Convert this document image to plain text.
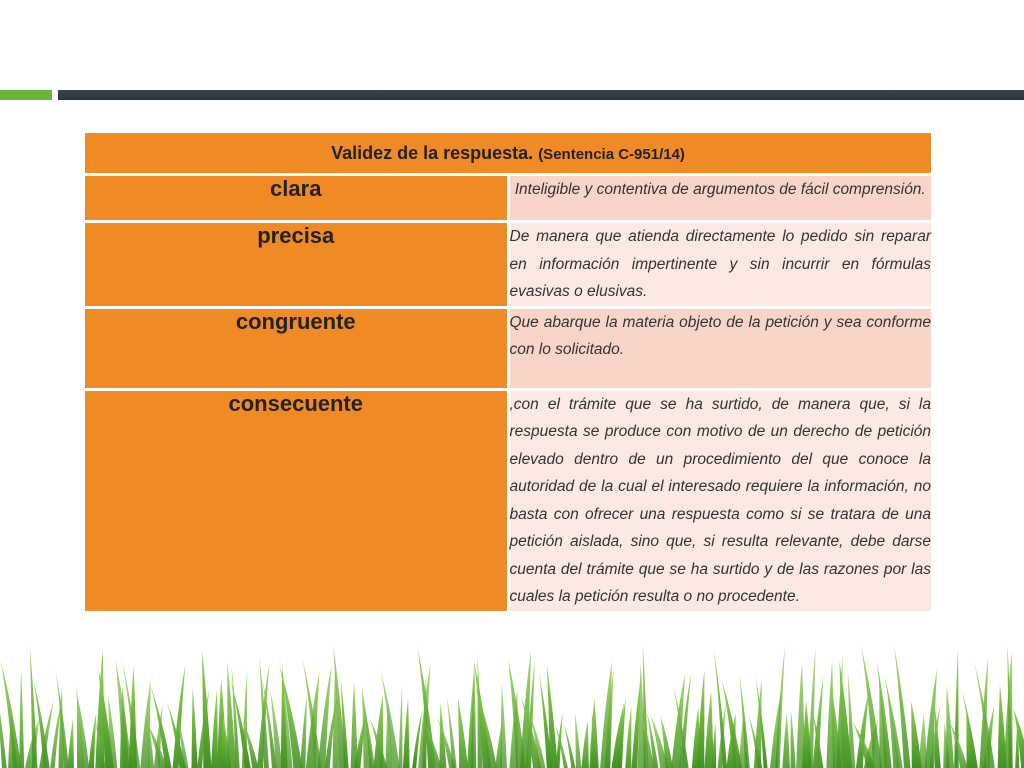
Validez de la respuesta. (Sentencia C-951/14)	
clara	Inteligible y contentiva de argumentos de fácil comprensión.
precisa	De manera que atienda directamente lo pedido sin reparar en información impertinente y sin incurrir en fórmulas evasivas o elusivas.
congruente	Que abarque la materia objeto de la petición y sea conforme con lo solicitado.
consecuente	,con el trámite que se ha surtido, de manera que, si la respuesta se produce con motivo de un derecho de petición elevado dentro de un procedimiento del que conoce la autoridad de la cual el interesado requiere la información, no basta con ofrecer una respuesta como si se tratara de una petición aislada, sino que, si resulta relevante, debe darse cuenta del trámite que se ha surtido y de las razones por las cuales la petición resulta o no procedente.
